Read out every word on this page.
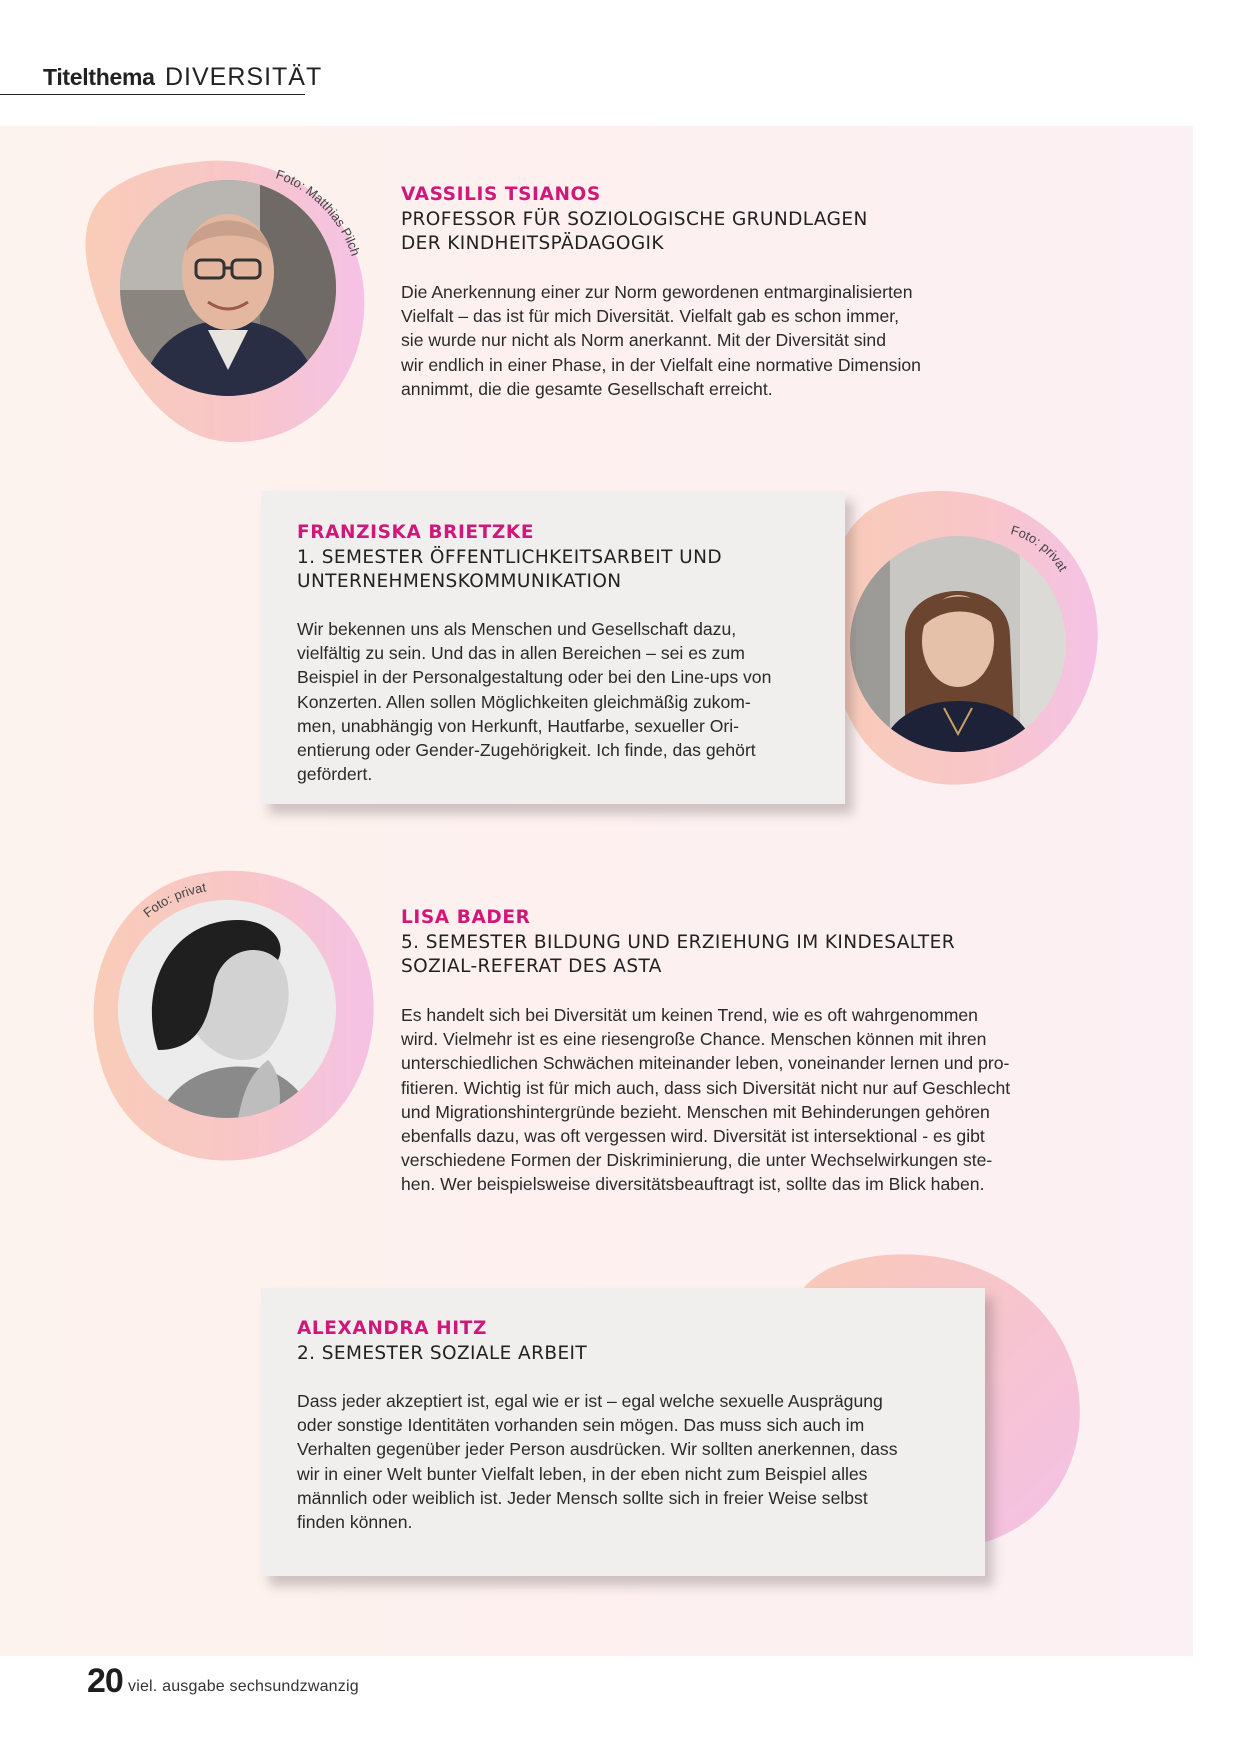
Titelthema DIVERSITÄT
Foto: Matthias Pilch
VASSILIS TSIANOS
PROFESSOR FÜR SOZIOLOGISCHE GRUNDLAGEN
DER KINDHEITSPÄDAGOGIK
Die Anerkennung einer zur Norm gewordenen entmarginalisierten
Vielfalt – das ist für mich Diversität. Vielfalt gab es schon immer,
sie wurde nur nicht als Norm anerkannt. Mit der Diversität sind
wir endlich in einer Phase, in der Vielfalt eine normative Dimension
annimmt, die die gesamte Gesellschaft erreicht.
Foto: privat
FRANZISKA BRIETZKE
1. SEMESTER ÖFFENTLICHKEITSARBEIT UND
UNTERNEHMENSKOMMUNIKATION
Wir bekennen uns als Menschen und Gesellschaft dazu,
vielfältig zu sein. Und das in allen Bereichen – sei es zum
Beispiel in der Personalgestaltung oder bei den Line-ups von
Konzerten. Allen sollen Möglichkeiten gleichmäßig zukom-
men, unabhängig von Herkunft, Hautfarbe, sexueller Ori-
entierung oder Gender-Zugehörigkeit. Ich finde, das gehört
gefördert.
Foto: privat
LISA BADER
5. SEMESTER BILDUNG UND ERZIEHUNG IM KINDESALTER
SOZIAL-REFERAT DES ASTA
Es handelt sich bei Diversität um keinen Trend, wie es oft wahrgenommen
wird. Vielmehr ist es eine riesengroße Chance. Menschen können mit ihren
unterschiedlichen Schwächen miteinander leben, voneinander lernen und pro-
fitieren. Wichtig ist für mich auch, dass sich Diversität nicht nur auf Geschlecht
und Migrationshintergründe bezieht. Menschen mit Behinderungen gehören
ebenfalls dazu, was oft vergessen wird. Diversität ist intersektional - es gibt
verschiedene Formen der Diskriminierung, die unter Wechselwirkungen ste-
hen. Wer beispielsweise diversitätsbeauftragt ist, sollte das im Blick haben.
ALEXANDRA HITZ
2. SEMESTER SOZIALE ARBEIT
Dass jeder akzeptiert ist, egal wie er ist – egal welche sexuelle Ausprägung
oder sonstige Identitäten vorhanden sein mögen. Das muss sich auch im
Verhalten gegenüber jeder Person ausdrücken. Wir sollten anerkennen, dass
wir in einer Welt bunter Vielfalt leben, in der eben nicht zum Beispiel alles
männlich oder weiblich ist. Jeder Mensch sollte sich in freier Weise selbst
finden können.
20 viel. ausgabe sechsundzwanzig
